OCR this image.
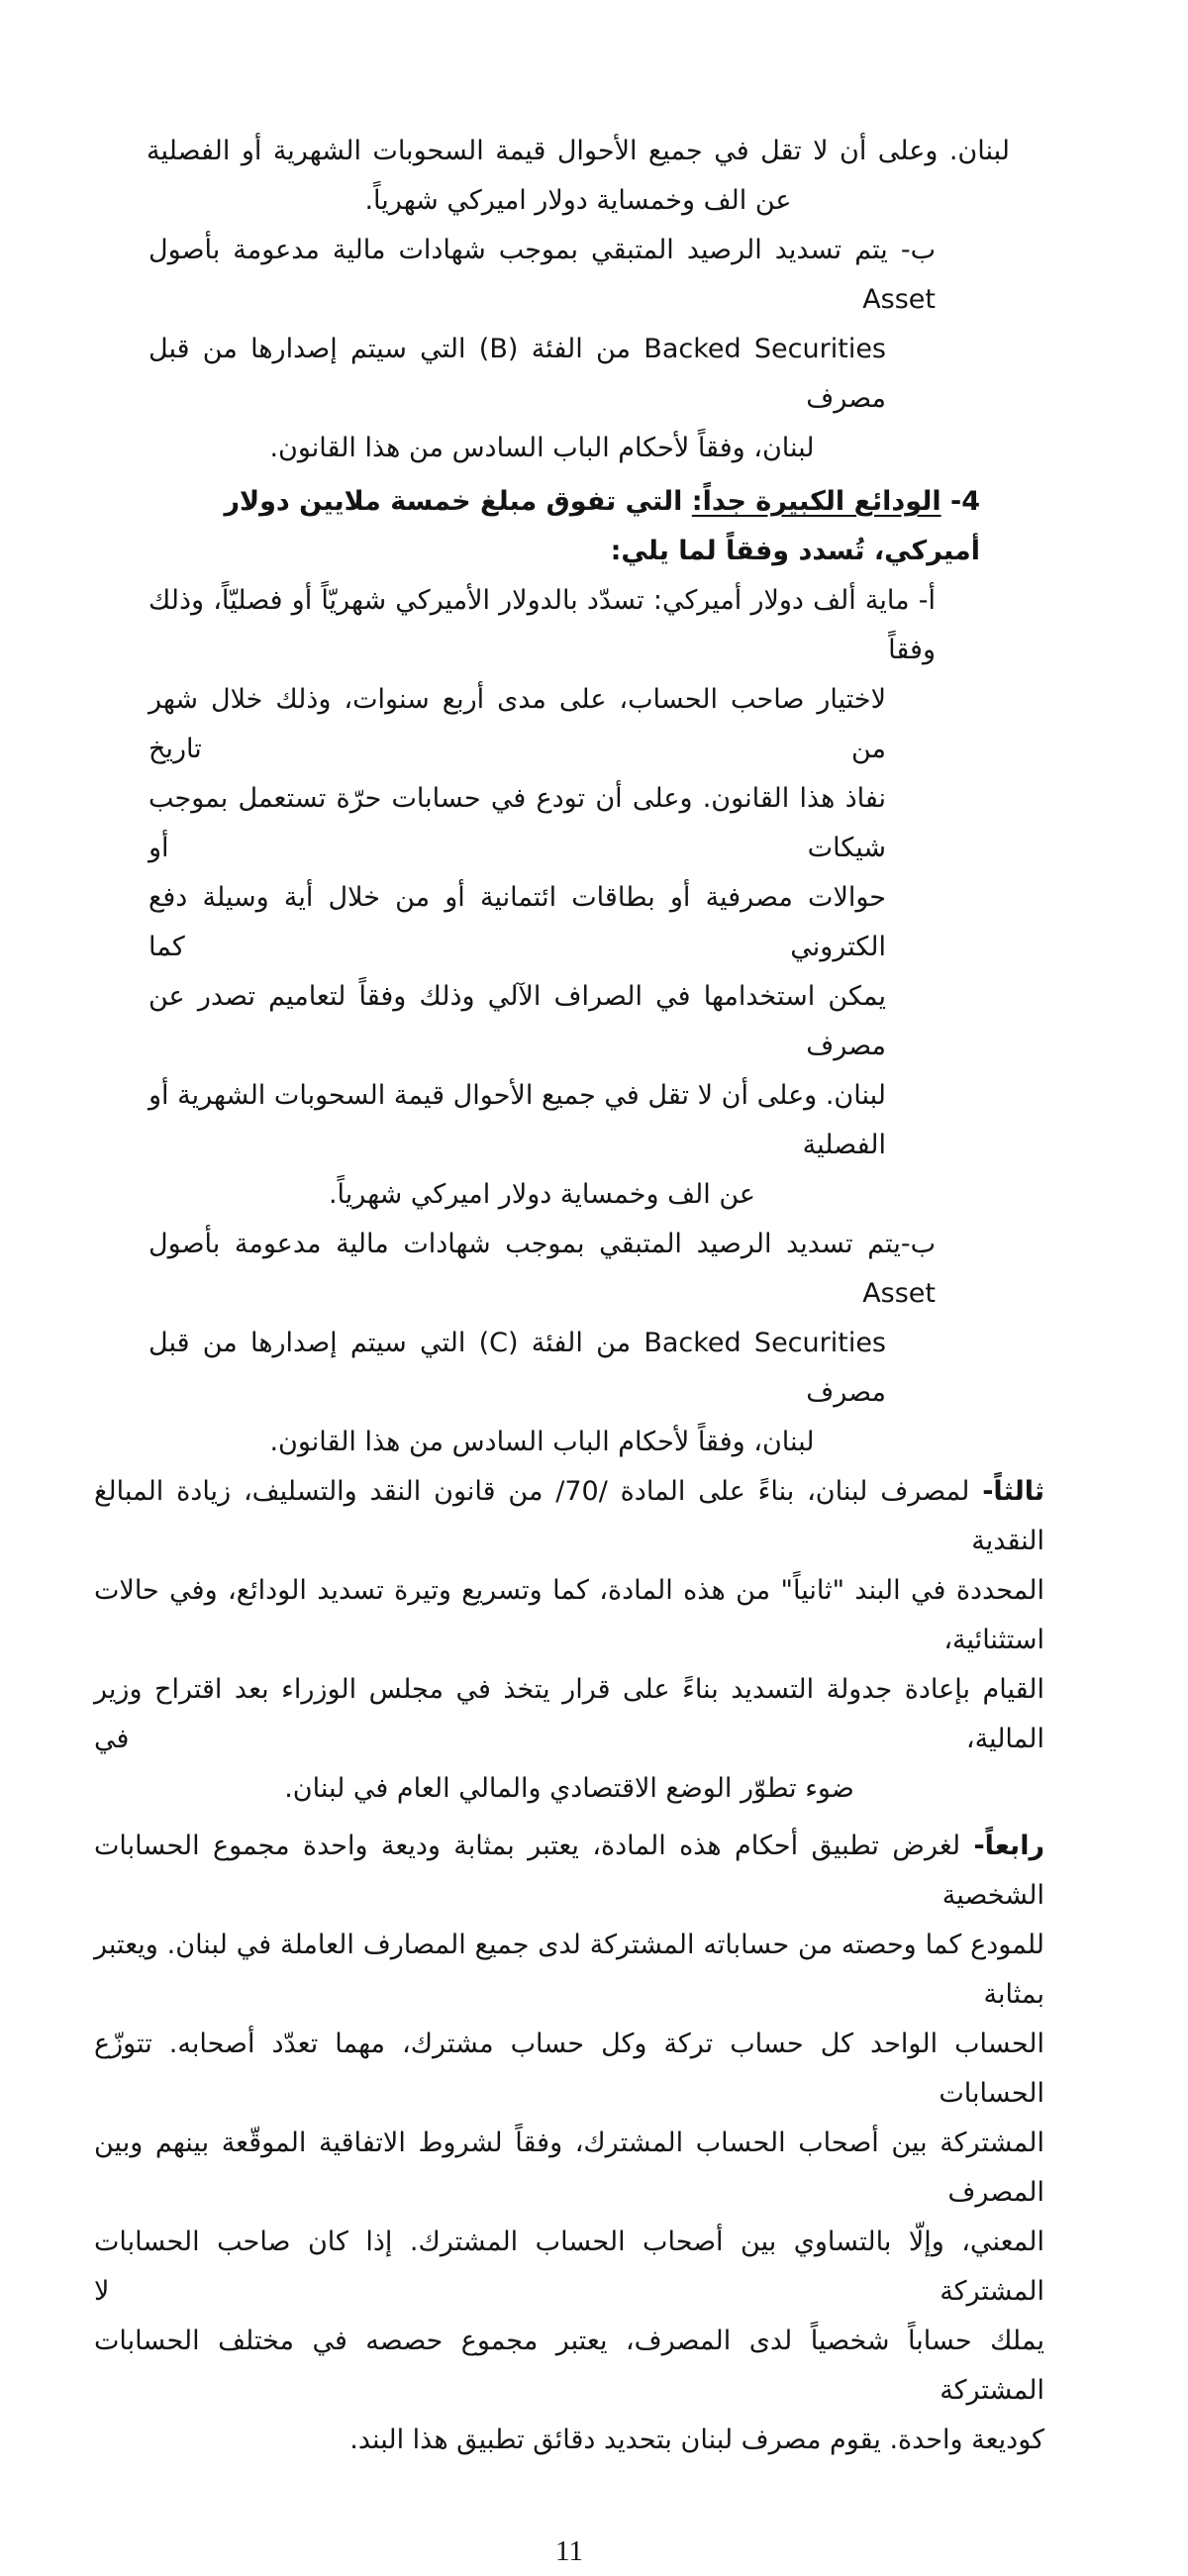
لبنان. وعلى أن لا تقل في جميع الأحوال قيمة السحوبات الشهرية أو الفصلية
عن الف وخمساية دولار اميركي شهرياً.
ب- يتم تسديد الرصيد المتبقي بموجب شهادات مالية مدعومة بأصول Asset
Backed Securities من الفئة (B) التي سيتم إصدارها من قبل مصرف
لبنان، وفقاً لأحكام الباب السادس من هذا القانون.
4- الودائع الكبيرة جداً: التي تفوق مبلغ خمسة ملايين دولار أميركي، تُسدد وفقاً لما يلي:
أ- ماية ألف دولار أميركي: تسدّد بالدولار الأميركي شهريّاً أو فصليّاً، وذلك وفقاً
لاختيار صاحب الحساب، على مدى أربع سنوات، وذلك خلال شهر من تاريخ
نفاذ هذا القانون. وعلى أن تودع في حسابات حرّة تستعمل بموجب شيكات أو
حوالات مصرفية أو بطاقات ائتمانية أو من خلال أية وسيلة دفع الكتروني كما
يمكن استخدامها في الصراف الآلي وذلك وفقاً لتعاميم تصدر عن مصرف
لبنان. وعلى أن لا تقل في جميع الأحوال قيمة السحوبات الشهرية أو الفصلية
عن الف وخمساية دولار اميركي شهرياً.
ب-يتم تسديد الرصيد المتبقي بموجب شهادات مالية مدعومة بأصول Asset
Backed Securities من الفئة (C) التي سيتم إصدارها من قبل مصرف
لبنان، وفقاً لأحكام الباب السادس من هذا القانون.
ثالثاً- لمصرف لبنان، بناءً على المادة /70/ من قانون النقد والتسليف، زيادة المبالغ النقدية
المحددة في البند "ثانياً" من هذه المادة، كما وتسريع وتيرة تسديد الودائع، وفي حالات استثنائية،
القيام بإعادة جدولة التسديد بناءً على قرار يتخذ في مجلس الوزراء بعد اقتراح وزير المالية، في
ضوء تطوّر الوضع الاقتصادي والمالي العام في لبنان.
رابعاً- لغرض تطبيق أحكام هذه المادة، يعتبر بمثابة وديعة واحدة مجموع الحسابات الشخصية
للمودع كما وحصته من حساباته المشتركة لدى جميع المصارف العاملة في لبنان. ويعتبر بمثابة
الحساب الواحد كل حساب تركة وكل حساب مشترك، مهما تعدّد أصحابه. تتوزّع الحسابات
المشتركة بين أصحاب الحساب المشترك، وفقاً لشروط الاتفاقية الموقّعة بينهم وبين المصرف
المعني، وإلّا بالتساوي بين أصحاب الحساب المشترك. إذا كان صاحب الحسابات المشتركة لا
يملك حساباً شخصياً لدى المصرف، يعتبر مجموع حصصه في مختلف الحسابات المشتركة
كوديعة واحدة. يقوم مصرف لبنان بتحديد دقائق تطبيق هذا البند.
11
